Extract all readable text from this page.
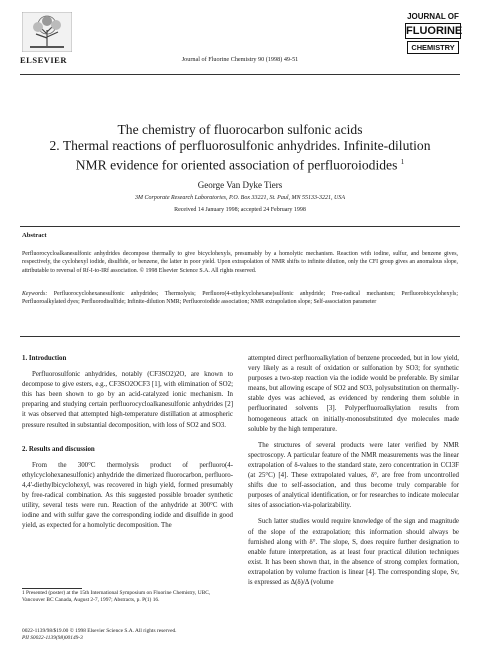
ELSEVIER	Journal of Fluorine Chemistry 90 (1998) 49-51
JOURNAL OF
FLUORINE
CHEMISTRY
The chemistry of fluorocarbon sulfonic acids
2. Thermal reactions of perfluorosulfonic anhydrides. Infinite-dilution
NMR evidence for oriented association of perfluoroiodides $^1$
George Van Dyke Tiers
3M Corporate Research Laboratories, P.O. Box 33221, St. Paul, MN 55133-3221, USA
Received 14 January 1998; accepted 24 February 1998
Abstract
Perfluorocycloalkanesulfonic anhydrides decompose thermally to give bicyclohexyls, presumably by a homolytic mechanism. Reaction with iodine, sulfur, and benzene gives, respectively, the cyclohexyl iodide, disulfide, or benzene, the latter in poor yield. Upon extrapolation of NMR shifts to infinite dilution, only the CFI group gives an anomalous slope, attributable to reversal of Rf-I-to-IRf association. © 1998 Elsevier Science S.A. All rights reserved.
Keywords: Perfluorocyclohexanesulfonic anhydrides; Thermolysis; Perfluoro(4-ethylcyclohexane)sulfonic anhydride; Free-radical mechanism; Perfluorobicyclohexyls; Perfluoroalkylated dyes; Perfluorodisulfide; Infinite-dilution NMR; Perfluoroiodide association; NMR extrapolation slope; Self-association parameter

1. Introduction

Perfluorosulfonic anhydrides, notably (CF3SO2)2O, are known to decompose to give esters, e.g., CF3SO2OCF3 [1], with elimination of SO2; this has been shown to go by an acid-catalyzed ionic mechanism. In preparing and studying certain perfluorocycloalkanesulfonic anhydrides [2] it was observed that attempted high-temperature distillation at atmospheric pressure resulted in substantial decomposition, with loss of SO2 and SO3.

2. Results and discussion

From the 300°C thermolysis product of perfluoro(4-ethylcyclohexanesulfonic) anhydride the dimerized fluorocarbon, perfluoro-4,4'-diethylbicyclohexyl, was recovered in high yield, formed presumably by free-radical combination. As this suggested possible broader synthetic utility, several tests were run. Reaction of the anhydride at 300°C with iodine and with sulfur gave the corresponding iodide and disulfide in good yield, as expected for a homolytic decomposition. The

attempted direct perfluoroalkylation of benzene proceeded, but in low yield, very likely as a result of oxidation or sulfonation by SO3; for synthetic purposes a two-step reaction via the iodide would be preferable. By similar means, but allowing escape of SO2 and SO3, polysubstitution on thermally-stable dyes was achieved, as evidenced by rendering them soluble in perfluorinated solvents [3]. Polyperfluoroalkylation results from homogeneous attack on initially-monosubstituted dye molecules made soluble by the high temperature.

The structures of several products were later verified by NMR spectroscopy. A particular feature of the NMR measurements was the linear extrapolation of δ-values to the standard state, zero concentration in CCl3F (at 25°C) [4]. These extrapolated values, δ°, are free from uncontrolled shifts due to self-association, and thus become truly comparable for purposes of analytical identification, or for researches to indicate molecular sites of association-via-polarizability.

Such latter studies would require knowledge of the sign and magnitude of the slope of the extrapolation; this information should always be furnished along with δ°. The slope, S, does require further designation to enable future interpretation, as at least four practical dilution techniques exist. It has been shown that, in the absence of strong complex formation, extrapolation by volume fraction is linear [4]. The corresponding slope, Sv, is expressed as Δ(δ)/Δ (volume

1 Presented (poster) at the 15th International Symposium on Fluorine Chemistry, UBC, Vancouver BC Canada, August 2-7, 1997; Abstracts, p. P(1) 16.
0022-1139/98/$19.00 © 1998 Elsevier Science S.A. All rights reserved.
PII S0022-1139(98)00149-3
